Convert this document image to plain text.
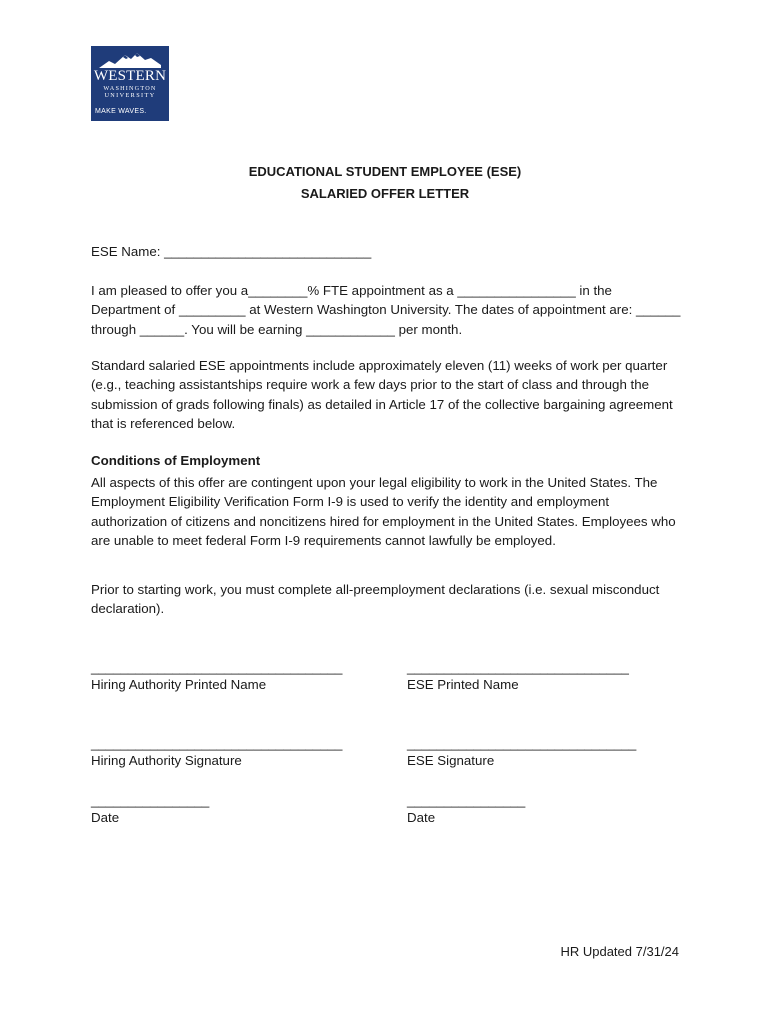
WESTERN
WASHINGTON
UNIVERSITY
MAKE WAVES.
EDUCATIONAL STUDENT EMPLOYEE (ESE)
SALARIED OFFER LETTER

ESE Name: ____________________________

I am pleased to offer you a________% FTE appointment as a ________________ in the Department of _________ at Western Washington University. The dates of appointment are: ______ through ______. You will be earning ____________ per month.

Standard salaried ESE appointments include approximately eleven (11) weeks of work per quarter (e.g., teaching assistantships require work a few days prior to the start of class and through the submission of grads following finals) as detailed in Article 17 of the collective bargaining agreement that is referenced below.

Conditions of Employment

All aspects of this offer are contingent upon your legal eligibility to work in the United States. The Employment Eligibility Verification Form I-9 is used to verify the identity and employment authorization of citizens and noncitizens hired for employment in the United States. Employees who are unable to meet federal Form I-9 requirements cannot lawfully be employed.

Prior to starting work, you must complete all-preemployment declarations (i.e. sexual misconduct declaration).

__________________________________
Hiring Authority Printed Name
______________________________
ESE Printed Name
__________________________________
Hiring Authority Signature
_______________________________
ESE Signature
________________
Date
________________
Date
HR Updated 7/31/24
